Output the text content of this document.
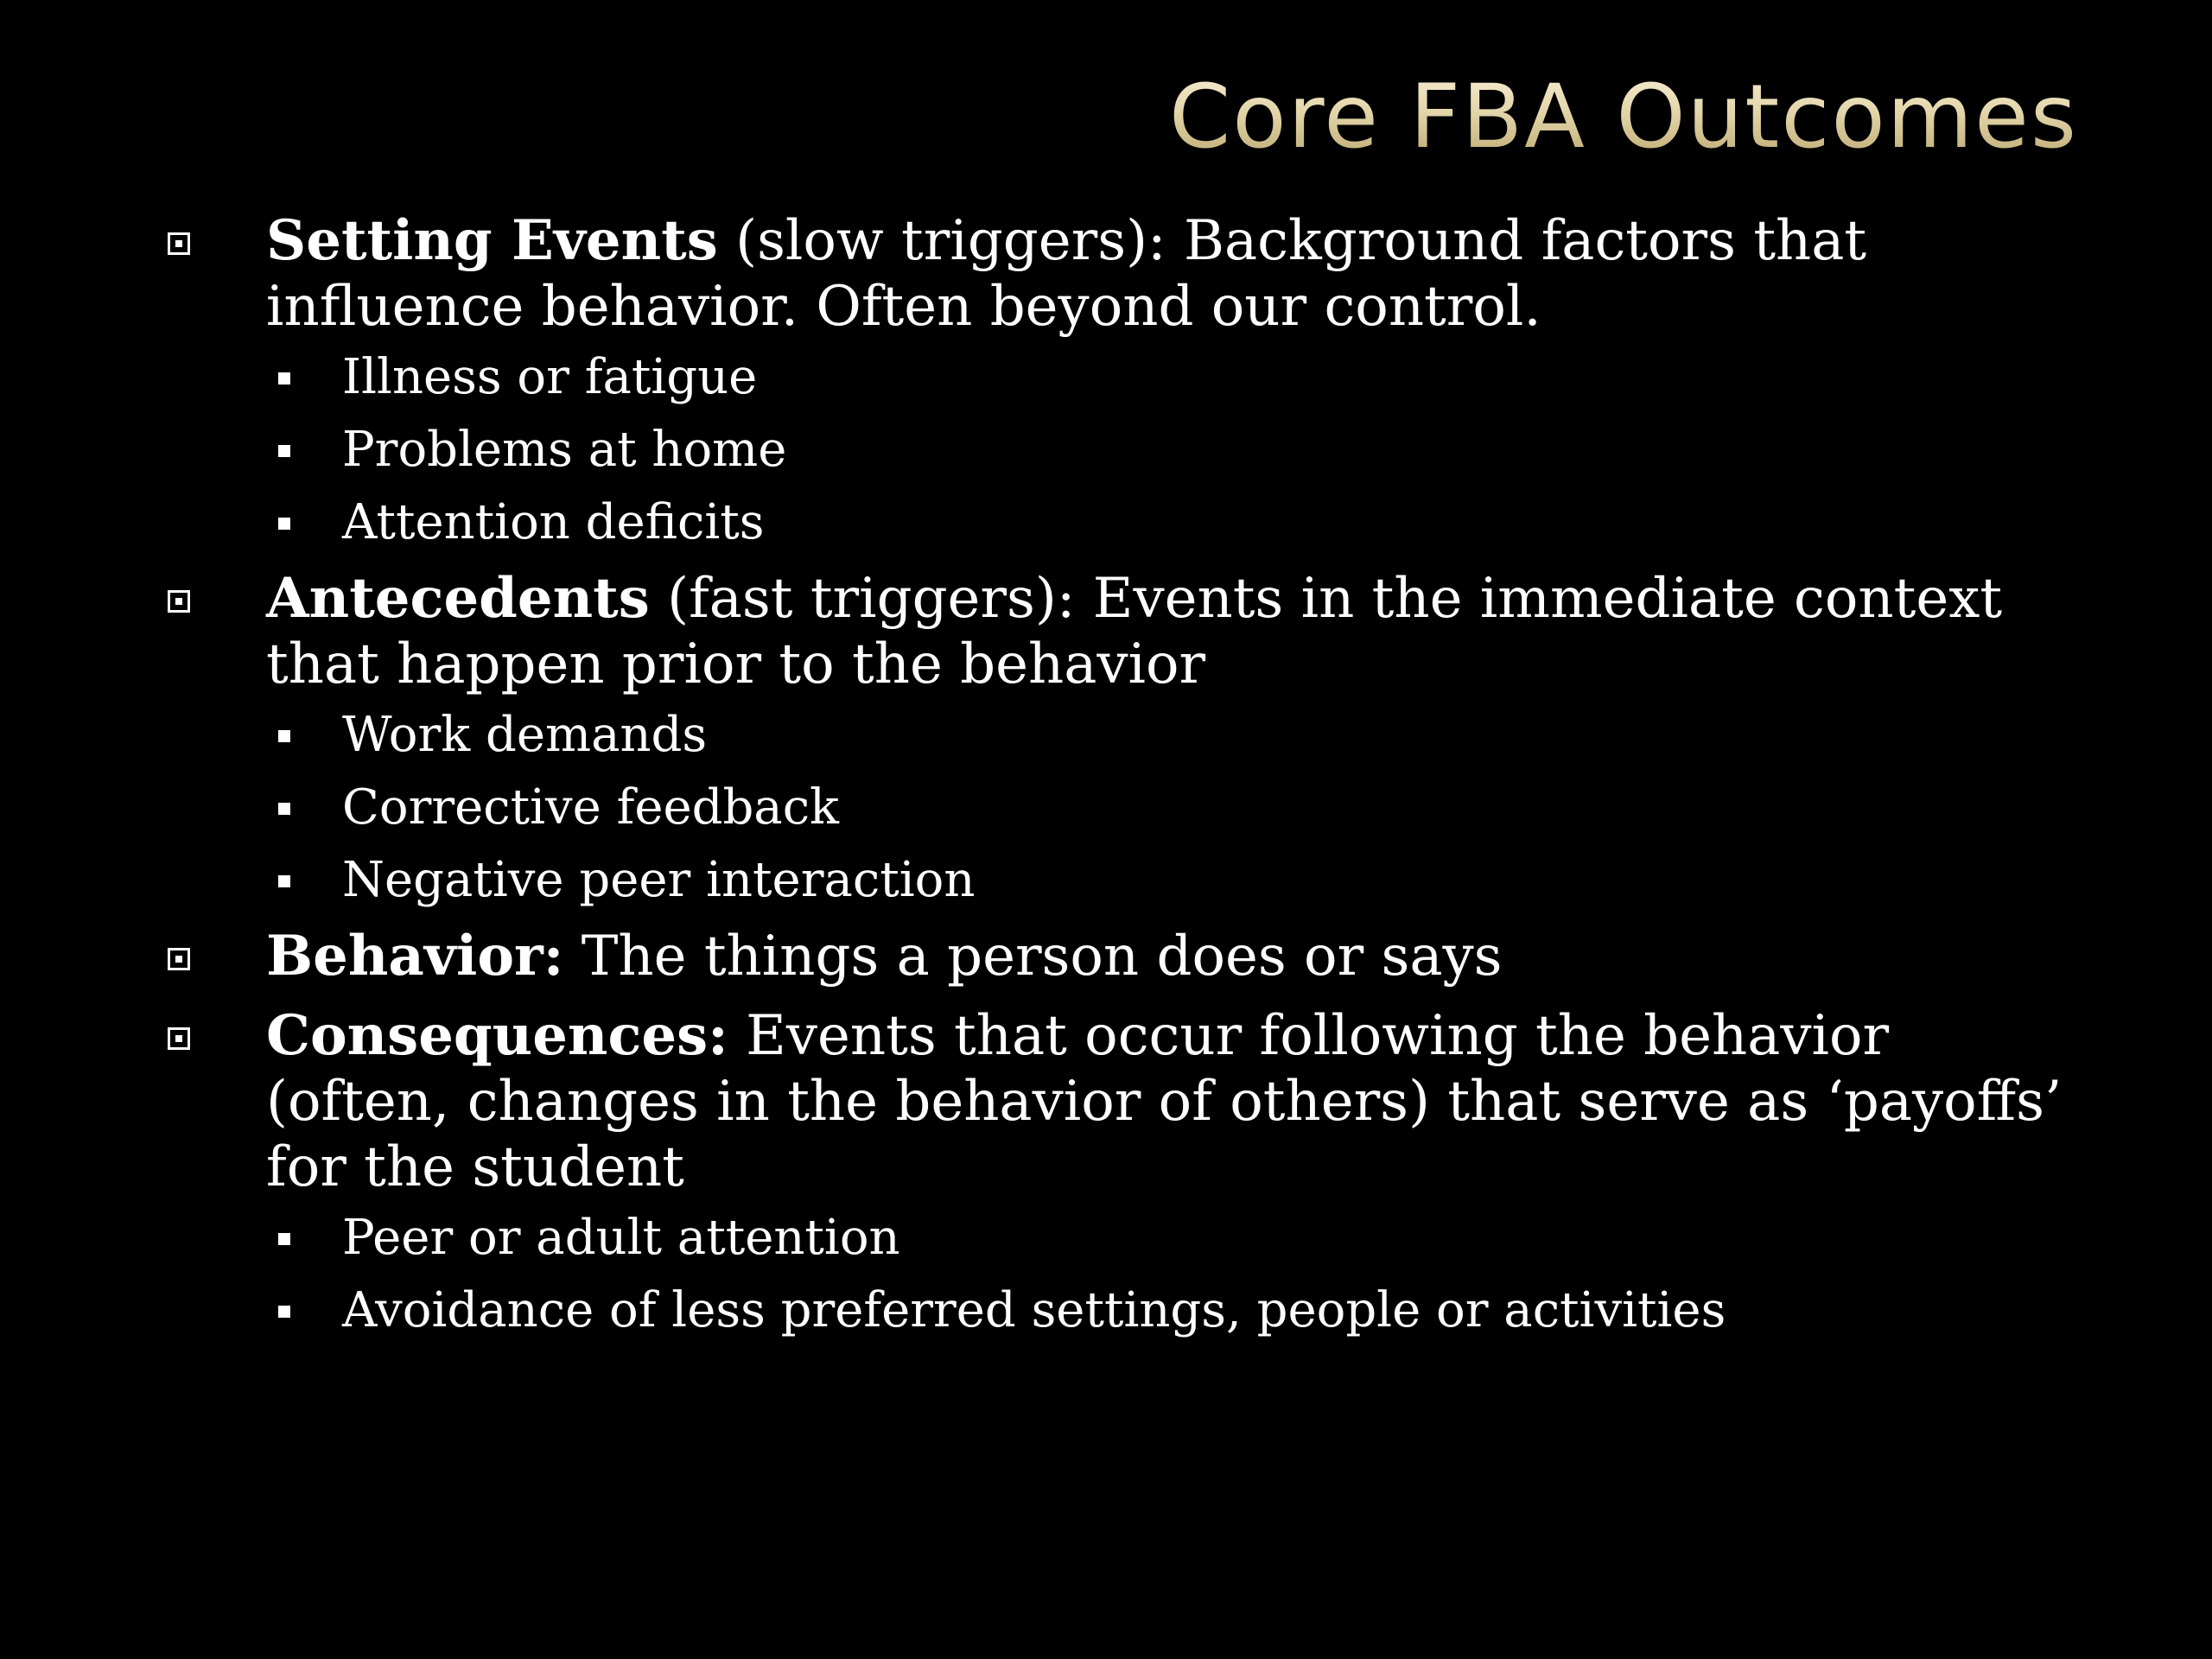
Core FBA Outcomes
Setting Events (slow triggers): Background factors that influence behavior. Often beyond our control.
Illness or fatigue
Problems at home
Attention deficits
Antecedents (fast triggers): Events in the immediate context that happen prior to the behavior
Work demands
Corrective feedback
Negative peer interaction
Behavior: The things a person does or says
Consequences: Events that occur following the behavior (often, changes in the behavior of others) that serve as ‘payoffs’ for the student
Peer or adult attention
Avoidance of less preferred settings, people or activities
